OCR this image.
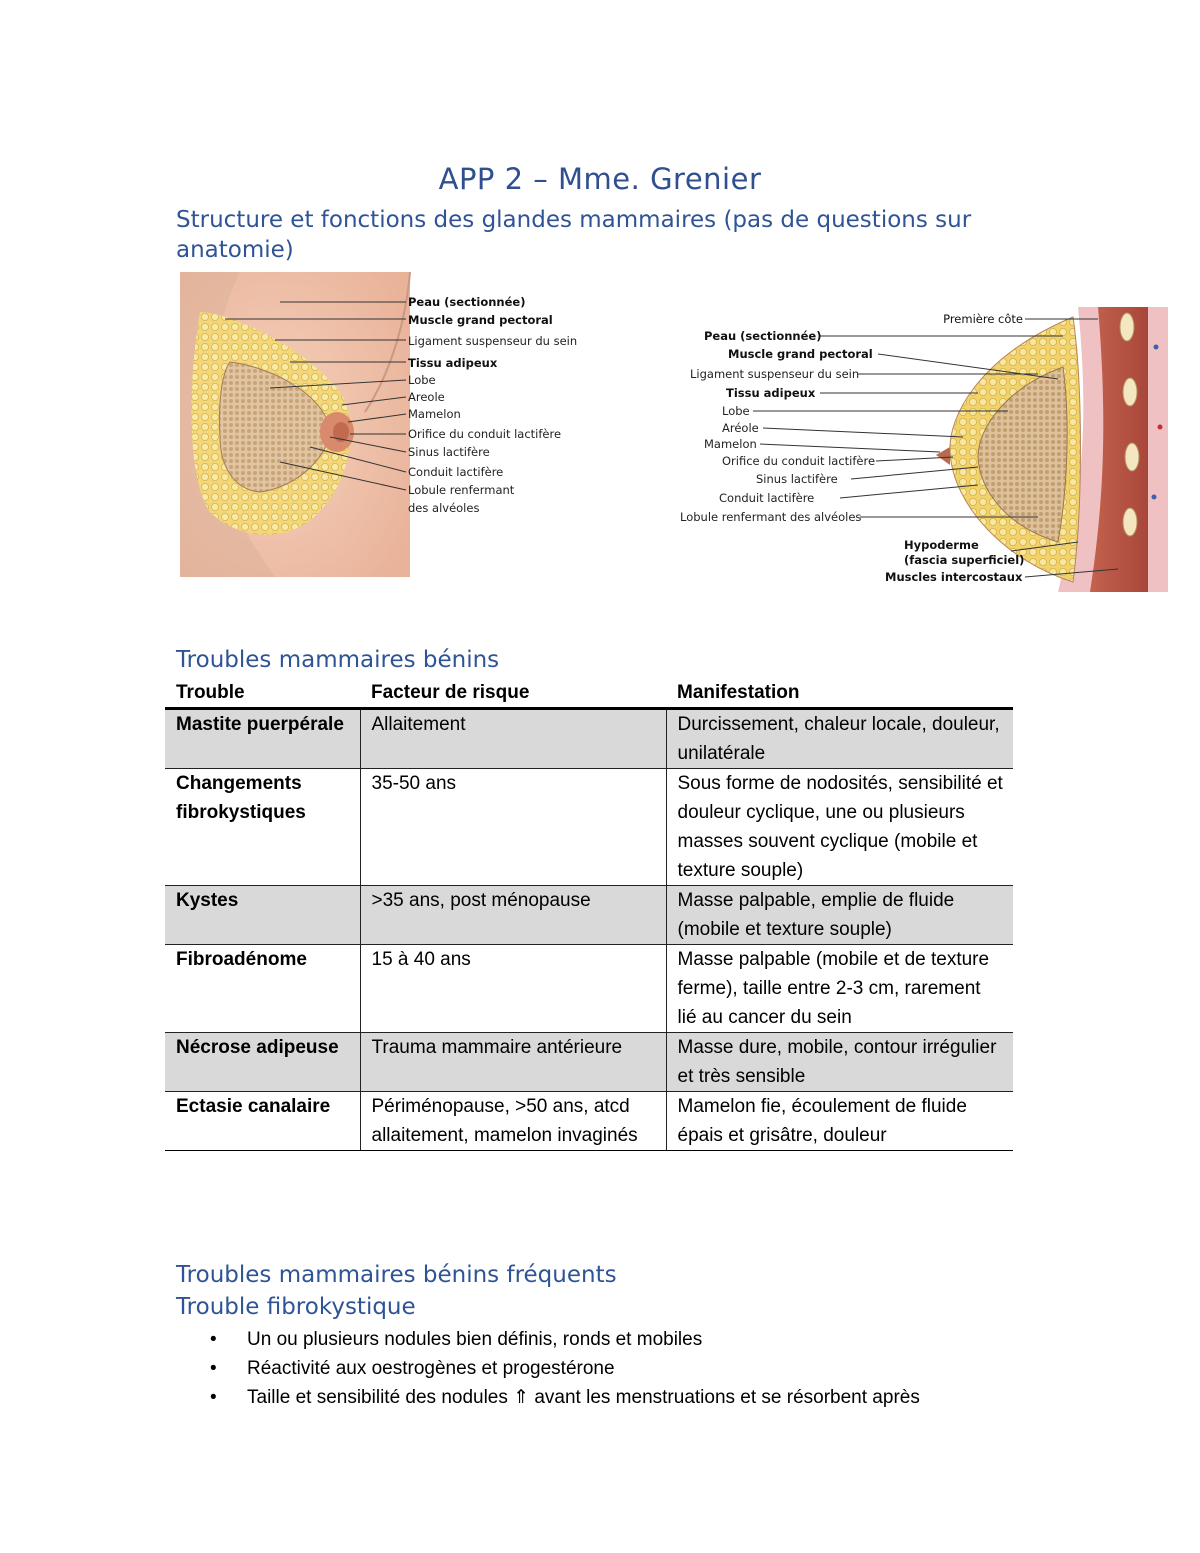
APP 2 – Mme. Grenier
Structure et fonctions des glandes mammaires (pas de questions sur anatomie)
Peau (sectionnée)
Muscle grand pectoral
Ligament suspenseur du sein
Tissu adipeux
Lobe
Areole
Mamelon
Orifice du conduit lactifère
Sinus lactifère
Conduit lactifère
Lobule renfermant
des alvéoles
Première côte
Peau (sectionnée)
Muscle grand pectoral
Ligament suspenseur du sein
Tissu adipeux
Lobe
Aréole
Mamelon
Orifice du conduit lactifère
Sinus lactifère
Conduit lactifère
Lobule renfermant des alvéoles
Hypoderme
(fascia superficiel)
Muscles intercostaux
Troubles mammaires bénins
Trouble	Facteur de risque	Manifestation
Mastite puerpérale	Allaitement	Durcissement, chaleur locale, douleur, unilatérale
Changements fibrokystiques	35-50 ans	Sous forme de nodosités, sensibilité et douleur cyclique, une ou plusieurs masses souvent cyclique (mobile et texture souple)
Kystes	>35 ans, post ménopause	Masse palpable, emplie de fluide (mobile et texture souple)
Fibroadénome	15 à 40 ans	Masse palpable (mobile et de texture ferme), taille entre 2-3 cm, rarement lié au cancer du sein
Nécrose adipeuse	Trauma mammaire antérieure	Masse dure, mobile, contour irrégulier et très sensible
Ectasie canalaire	Périménopause, >50 ans, atcd allaitement, mamelon invaginés	Mamelon fie, écoulement de fluide épais et grisâtre, douleur
Troubles mammaires bénins fréquents
Trouble fibrokystique
• Un ou plusieurs nodules bien définis, ronds et mobiles
• Réactivité aux oestrogènes et progestérone
• Taille et sensibilité des nodules ⇑ avant les menstruations et se résorbent après
